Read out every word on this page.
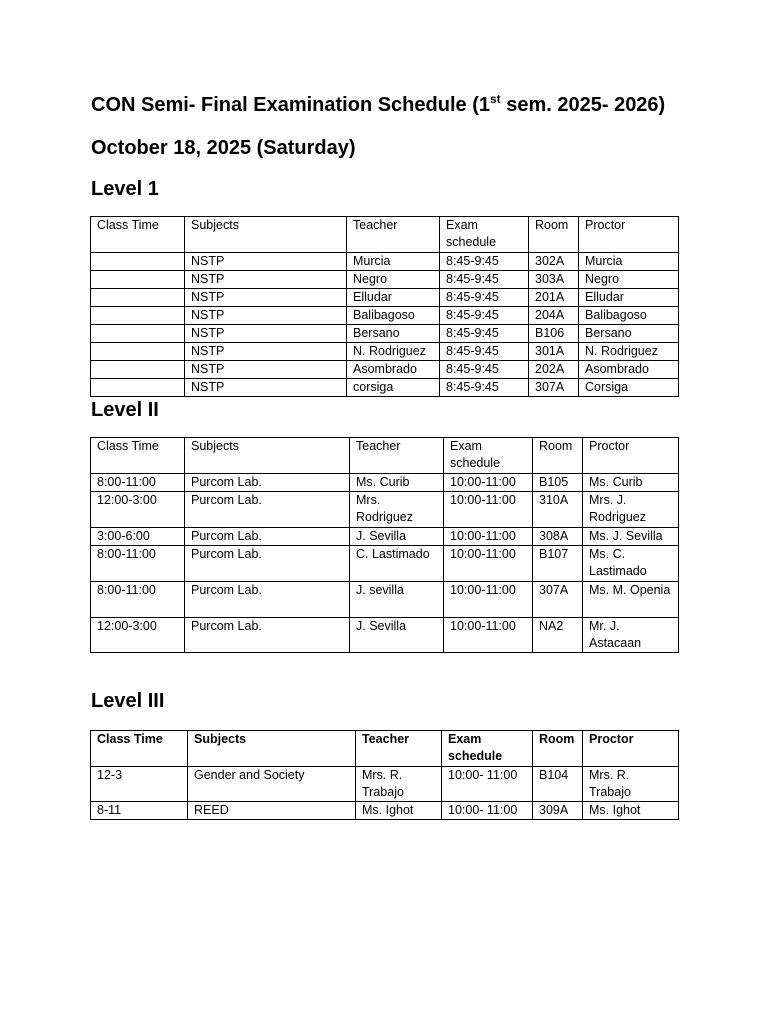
CON Semi- Final Examination Schedule (1st sem. 2025- 2026)
October 18, 2025 (Saturday)
Level 1
Class Time	Subjects	Teacher	Exam schedule	Room	Proctor
	NSTP	Murcia	8:45-9:45	302A	Murcia
	NSTP	Negro	8:45-9:45	303A	Negro
	NSTP	Elludar	8:45-9:45	201A	Elludar
	NSTP	Balibagoso	8:45-9:45	204A	Balibagoso
	NSTP	Bersano	8:45-9:45	B106	Bersano
	NSTP	N. Rodriguez	8:45-9:45	301A	N. Rodriguez
	NSTP	Asombrado	8:45-9:45	202A	Asombrado
	NSTP	corsiga	8:45-9:45	307A	Corsiga
Level II
Class Time	Subjects	Teacher	Exam schedule	Room	Proctor
8:00-11:00	Purcom Lab.	Ms. Curib	10:00-11:00	B105	Ms. Curib
12:00-3:00	Purcom Lab.	Mrs. Rodriguez	10:00-11:00	310A	Mrs. J. Rodriguez
3:00-6:00	Purcom Lab.	J. Sevilla	10:00-11:00	308A	Ms. J. Sevilla
8:00-11:00	Purcom Lab.	C. Lastimado	10:00-11:00	B107	Ms. C. Lastimado
8:00-11:00	Purcom Lab.	J. sevilla	10:00-11:00	307A	Ms. M. Openia
12:00-3:00	Purcom Lab.	J. Sevilla	10:00-11:00	NA2	Mr. J. Astacaan
Level III
Class Time	Subjects	Teacher	Exam schedule	Room	Proctor
12-3	Gender and Society	Mrs. R. Trabajo	10:00- 11:00	B104	Mrs. R. Trabajo
8-11	REED	Ms. Ighot	10:00- 11:00	309A	Ms. Ighot
